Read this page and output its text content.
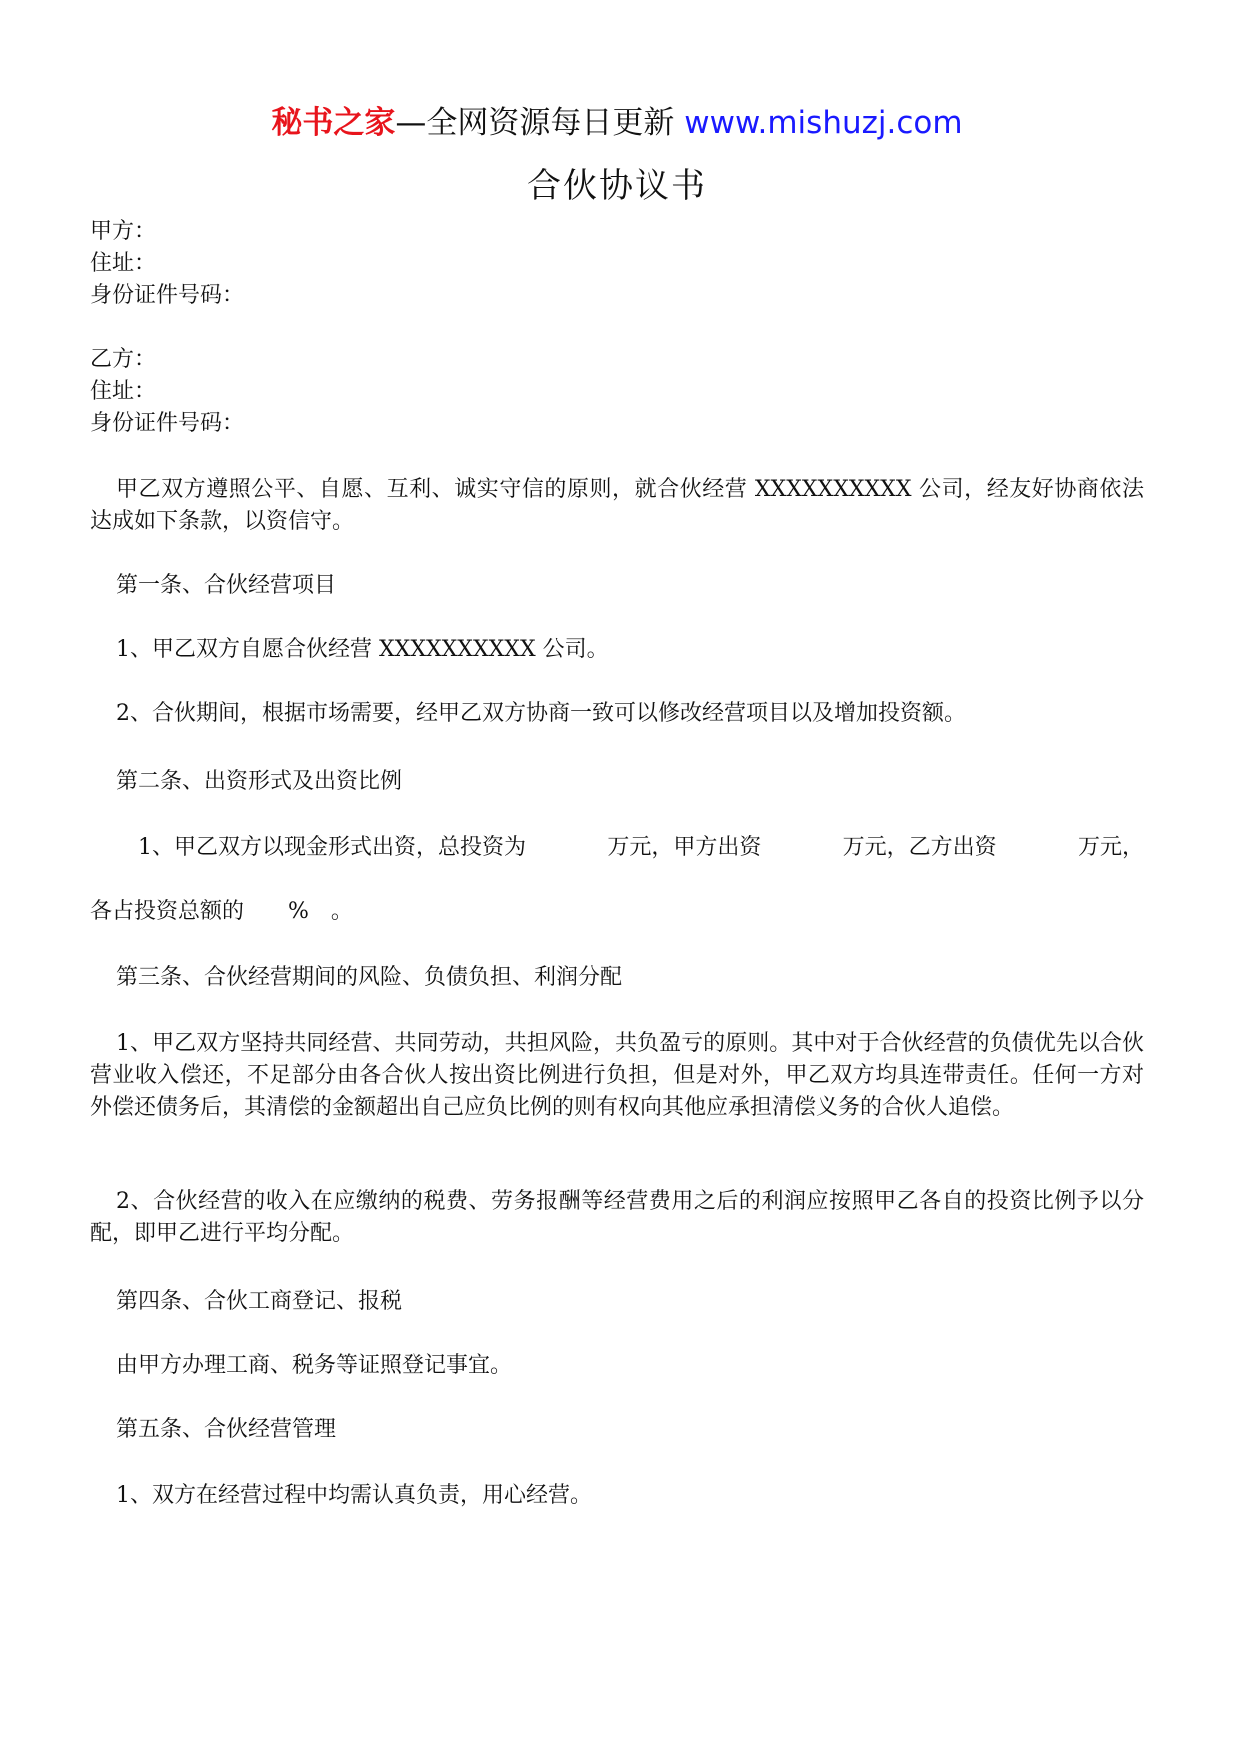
秘书之家—全网资源每日更新 www.mishuzj.com
合伙协议书
甲方：
住址：
身份证件号码：
乙方：
住址：
身份证件号码：
甲乙双方遵照公平、自愿、互利、诚实守信的原则，就合伙经营 XXXXXXXXXX 公司，经友好协商依法达成如下条款，以资信守。
第一条、合伙经营项目
1、甲乙双方自愿合伙经营 XXXXXXXXXX 公司。
2、合伙期间，根据市场需要，经甲乙双方协商一致可以修改经营项目以及增加投资额。
第二条、出资形式及出资比例
1、甲乙双方以现金形式出资，总投资为	万元，甲方出资	万元，乙方出资	万元，
各占投资总额的　　%　。
第三条、合伙经营期间的风险、负债负担、利润分配
1、甲乙双方坚持共同经营、共同劳动，共担风险，共负盈亏的原则。其中对于合伙经营的负债优先以合伙营业收入偿还，不足部分由各合伙人按出资比例进行负担，但是对外，甲乙双方均具连带责任。任何一方对外偿还债务后，其清偿的金额超出自己应负比例的则有权向其他应承担清偿义务的合伙人追偿。
2、合伙经营的收入在应缴纳的税费、劳务报酬等经营费用之后的利润应按照甲乙各自的投资比例予以分配，即甲乙进行平均分配。
第四条、合伙工商登记、报税
由甲方办理工商、税务等证照登记事宜。
第五条、合伙经营管理
1、双方在经营过程中均需认真负责，用心经营。
